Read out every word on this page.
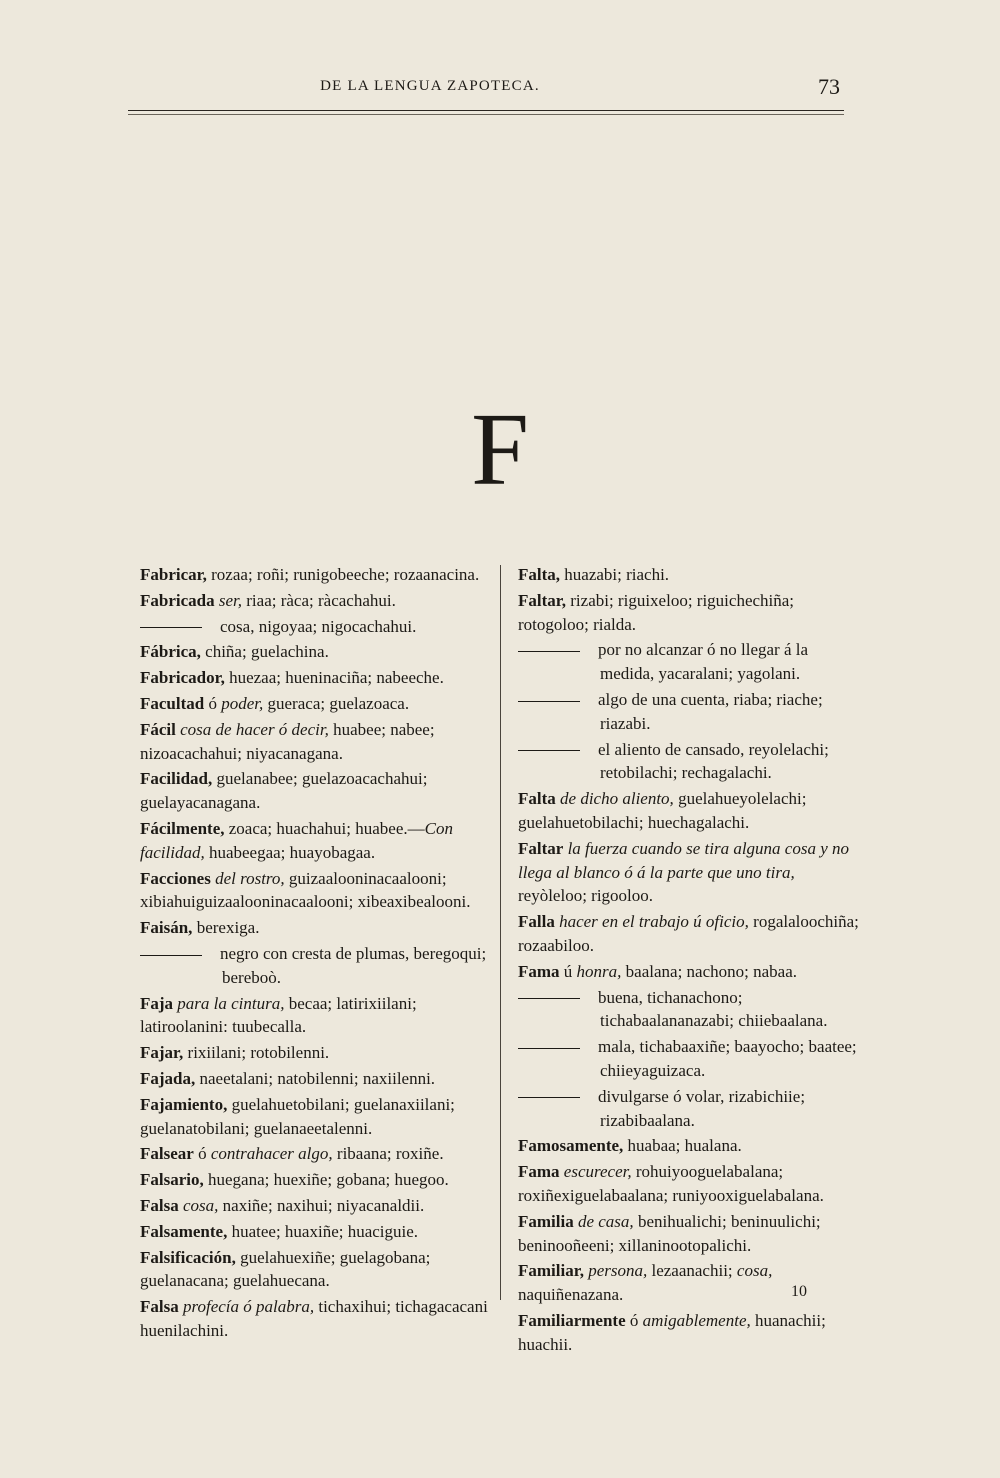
DE LA LENGUA ZAPOTECA.	73
F
Fabricar, rozaa; roñi; runigobeeche; rozaanacina.
Fabricada ser, riaa; ràca; ràcachahui.
cosa, nigoyaa; nigocachahui.
Fábrica, chiña; guelachina.
Fabricador, huezaa; hueninaciña; nabeeche.
Facultad ó poder, gueraca; guelazoaca.
Fácil cosa de hacer ó decir, huabee; nabee; nizoacachahui; niyacanagana.
Facilidad, guelanabee; guelazoacachahui; guelayacanagana.
Fácilmente, zoaca; huachahui; huabee.—Con facilidad, huabeegaa; huayobagaa.
Facciones del rostro, guizaalooninacaalooni; xibiahuiguizaalooninacaalooni; xibeaxibealooni.
Faisán, berexiga.
negro con cresta de plumas, beregoqui; bereboò.
Faja para la cintura, becaa; latirixiilani; latiroolanini: tuubecalla.
Fajar, rixiilani; rotobilenni.
Fajada, naeetalani; natobilenni; naxiilenni.
Fajamiento, guelahuetobilani; guelanaxiilani; guelanatobilani; guelanaeetalenni.
Falsear ó contrahacer algo, ribaana; roxiñe.
Falsario, huegana; huexiñe; gobana; huegoo.
Falsa cosa, naxiñe; naxihui; niyacanaldii.
Falsamente, huatee; huaxiñe; huaciguie.
Falsificación, guelahuexiñe; guelagobana; guelanacana; guelahuecana.
Falsa profecía ó palabra, tichaxihui; tichagacacani huenilachini.
Falta, huazabi; riachi.
Faltar, rizabi; riguixeloo; riguichechiña; rotogoloo; rialda.
por no alcanzar ó no llegar á la medida, yacaralani; yagolani.
algo de una cuenta, riaba; riache; riazabi.
el aliento de cansado, reyolelachi; retobilachi; rechagalachi.
Falta de dicho aliento, guelahueyolelachi; guelahuetobilachi; huechagalachi.
Faltar la fuerza cuando se tira alguna cosa y no llega al blanco ó á la parte que uno tira, reyòleloo; rigooloo.
Falla hacer en el trabajo ú oficio, rogalaloochiña; rozaabiloo.
Fama ú honra, baalana; nachono; nabaa.
buena, tichanachono; tichabaalananazabi; chiiebaalana.
mala, tichabaaxiñe; baayocho; baatee; chiieyaguizaca.
divulgarse ó volar, rizabichiie; rizabibaalana.
Famosamente, huabaa; hualana.
Fama escurecer, rohuiyooguelabalana; roxiñexiguelabaalana; runiyooxiguelabalana.
Familia de casa, benihualichi; beninuulichi; beninooñeeni; xillaninootopalichi.
Familiar, persona, lezaanachii; cosa, naquiñenazana.
Familiarmente ó amigablemente, huanachii; huachii.
10
